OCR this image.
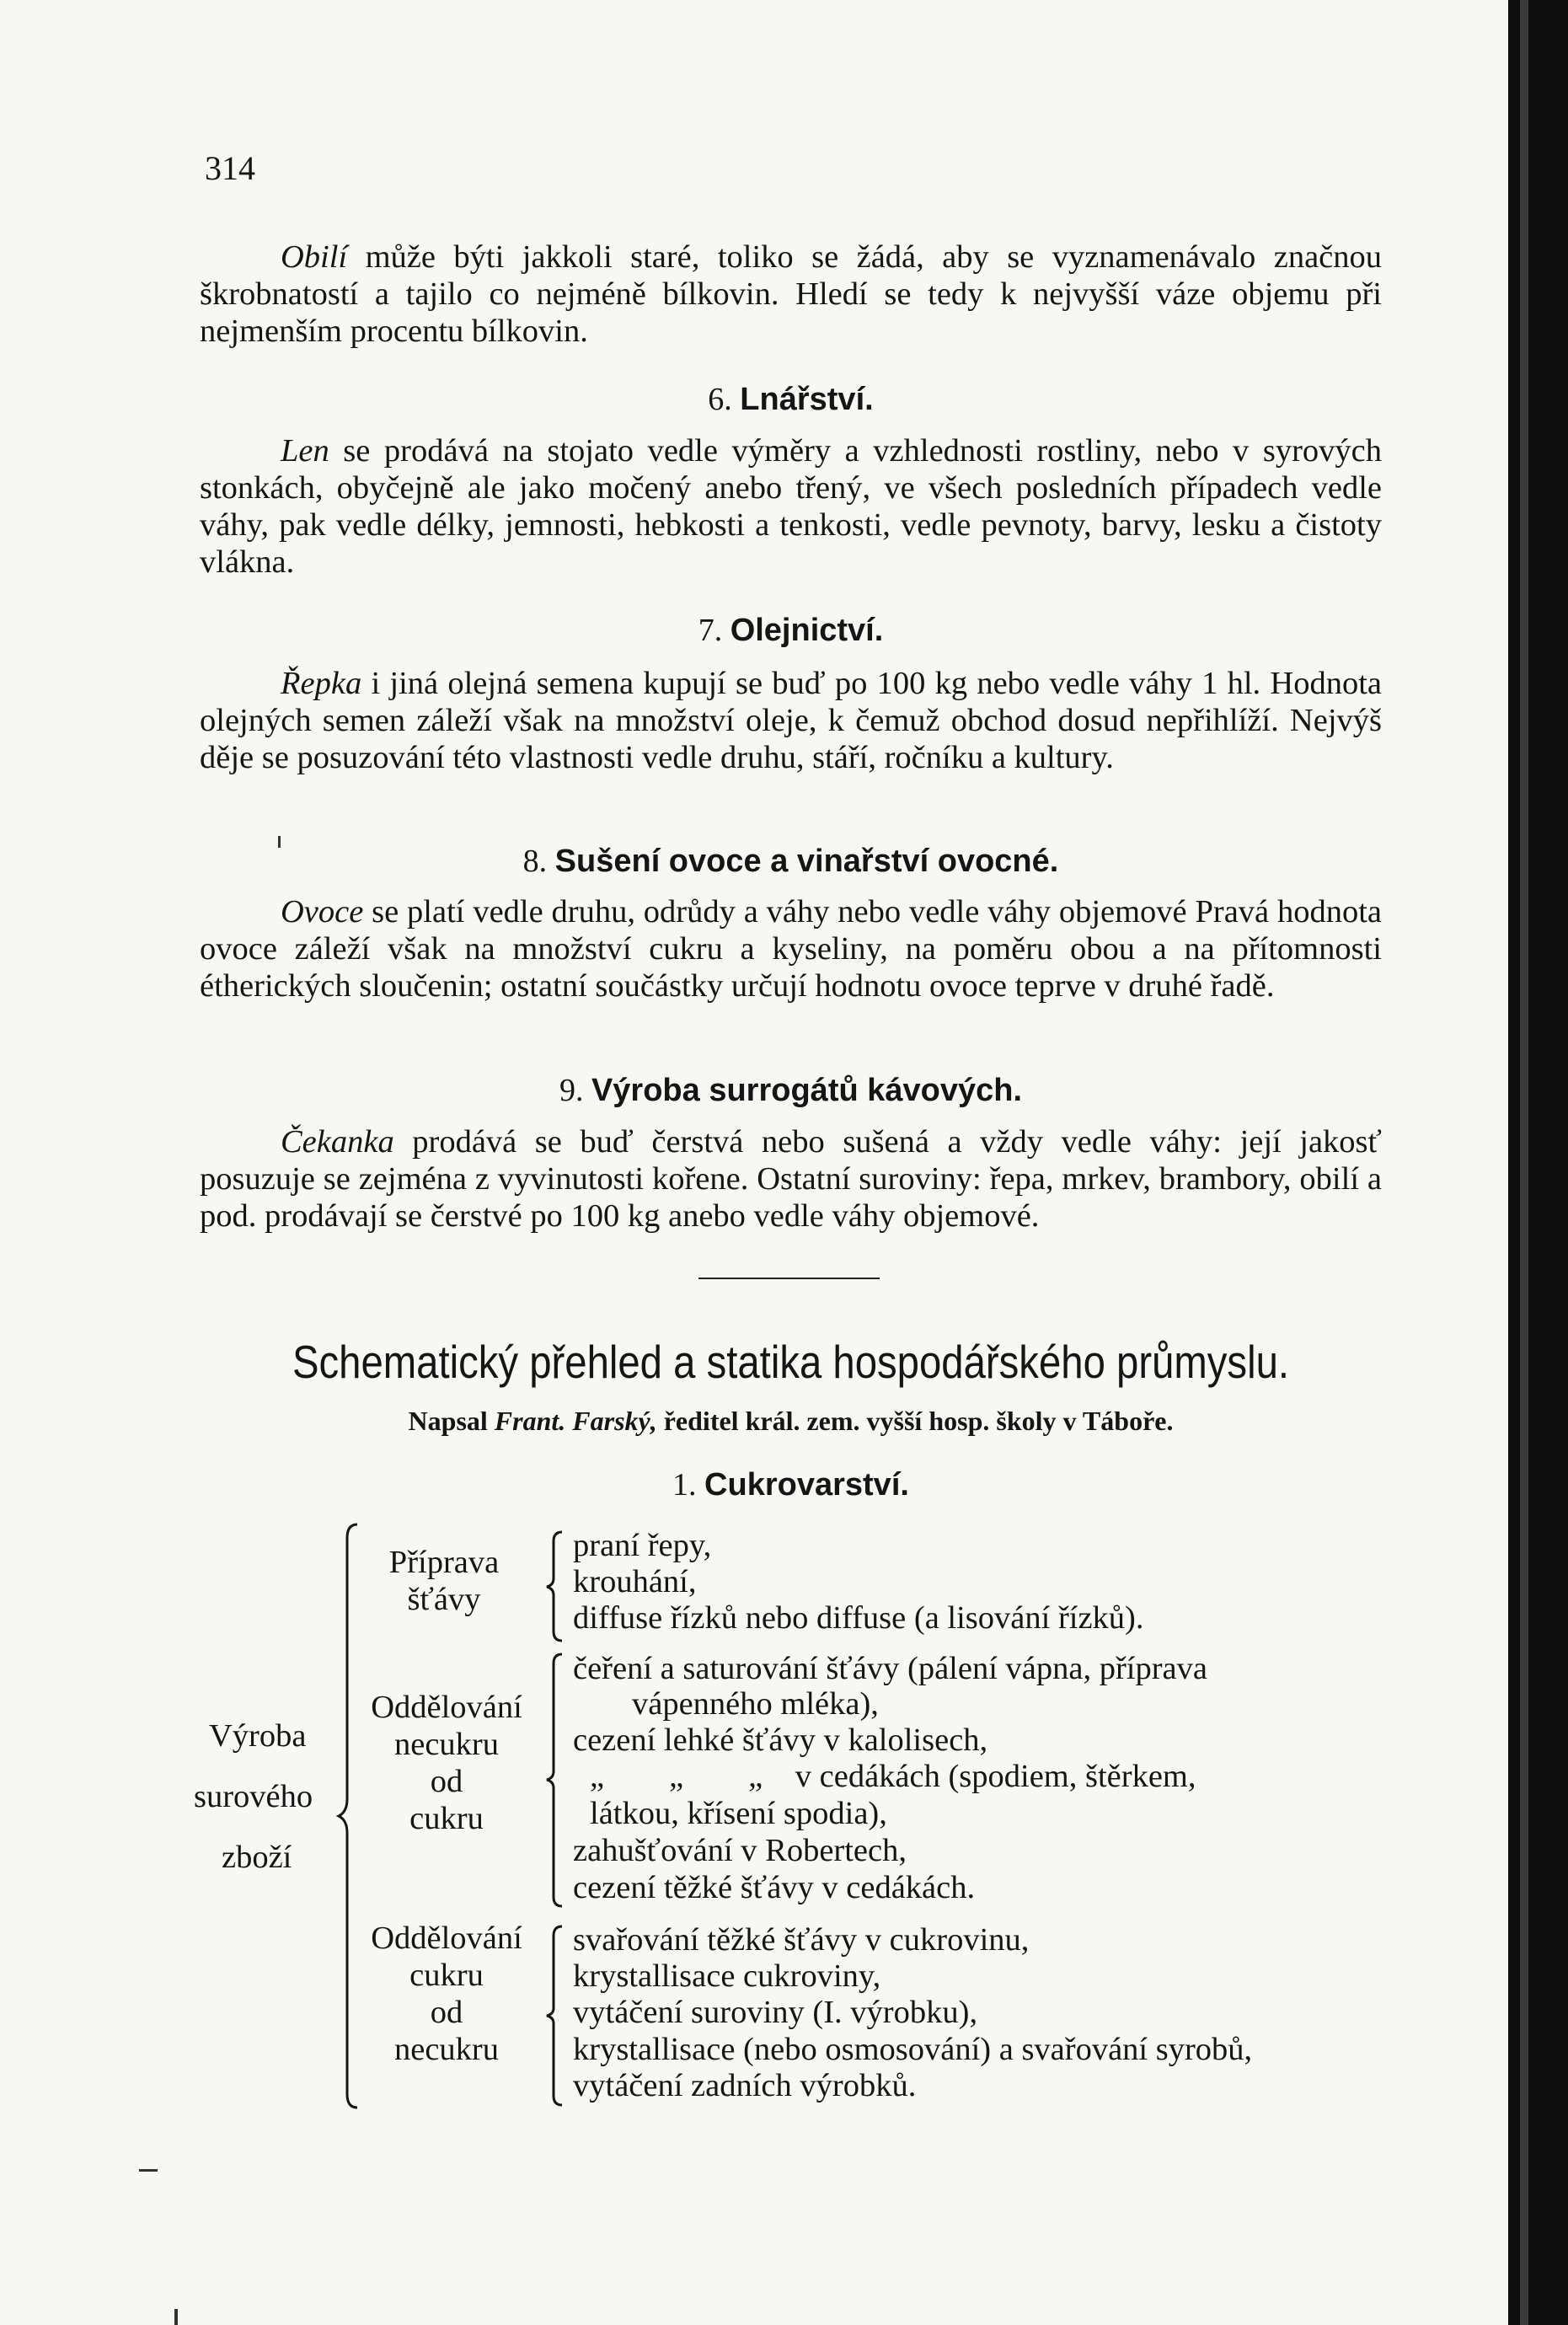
314

Obilí může býti jakkoli staré, toliko se žádá, aby se vyznamenávalo značnou škrobnatostí a tajilo co nejméně bílkovin. Hledí se tedy k nejvyšší váze objemu při nejmenším procentu bílkovin.

6. Lnářství.

Len se prodává na stojato vedle výměry a vzhlednosti rostliny, nebo v syrových stonkách, obyčejně ale jako močený anebo třený, ve všech posledních případech vedle váhy, pak vedle délky, jemnosti, hebkosti a tenkosti, vedle pevnoty, barvy, lesku a čistoty vlákna.

7. Olejnictví.

Řepka i jiná olejná semena kupují se buď po 100 kg nebo vedle váhy 1 hl. Hodnota olejných semen záleží však na množství oleje, k čemuž obchod dosud nepřihlíží. Nejvýš děje se posuzování této vlastnosti vedle druhu, stáří, ročníku a kultury.

8. Sušení ovoce a vinařství ovocné.

Ovoce se platí vedle druhu, odrůdy a váhy nebo vedle váhy objemové Pravá hodnota ovoce záleží však na množství cukru a kyseliny, na poměru obou a na přítomnosti étherických sloučenin; ostatní součástky určují hodnotu ovoce teprve v druhé řadě.

9. Výroba surrogátů kávových.

Čekanka prodává se buď čerstvá nebo sušená a vždy vedle váhy: její jakosť posuzuje se zejména z vyvinutosti kořene. Ostatní suroviny: řepa, mrkev, brambory, obilí a pod. prodávají se čerstvé po 100 kg anebo vedle váhy objemové.

Schematický přehled a statika hospodářského průmyslu.
Napsal Frant. Farský, ředitel král. zem. vyšší hosp. školy v Táboře.
1. Cukrovarství.
Výroba
surového
zboží
Příprava
šťávy
Oddělování
necukru
od
cukru
Oddělování
cukru
od
necukru
praní řepy,
krouhání,
diffuse řízků nebo diffuse (a lisování řízků).
čeření a saturování šťávy (pálení vápna, příprava
vápenného mléka),
cezení lehké šťávy v kalolisech,
„        „        „    v cedákách (spodiem, štěrkem,
látkou, křísení spodia),
zahušťování v Robertech,
cezení těžké šťávy v cedákách.
svařování těžké šťávy v cukrovinu,
krystallisace cukroviny,
vytáčení suroviny (I. výrobku),
krystallisace (nebo osmosování) a svařování syrobů,
vytáčení zadních výrobků.
